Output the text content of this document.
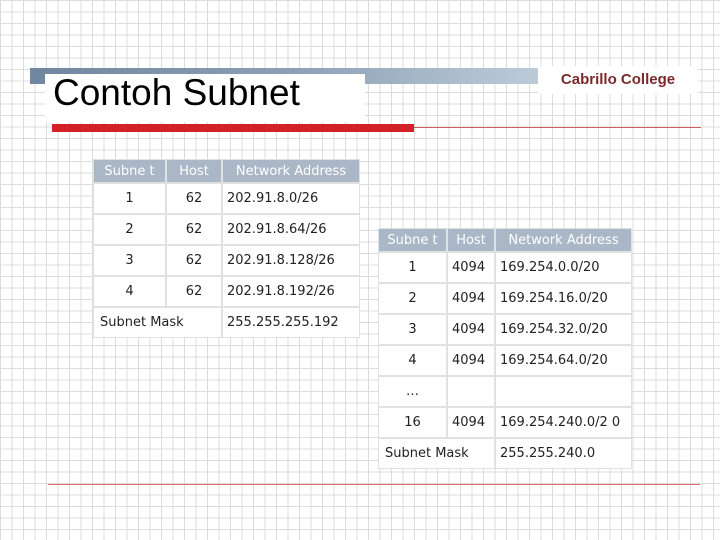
Cabrillo College
Contoh Subnet
Subne t	Host	Network Address
1	62	202.91.8.0/26
2	62	202.91.8.64/26
3	62	202.91.8.128/26
4	62	202.91.8.192/26
Subnet Mask		255.255.255.192
Subne t	Host	Network Address
1	4094	169.254.0.0/20
2	4094	169.254.16.0/20
3	4094	169.254.32.0/20
4	4094	169.254.64.0/20
…		
16	4094	169.254.240.0/2 0
Subnet Mask		255.255.240.0
